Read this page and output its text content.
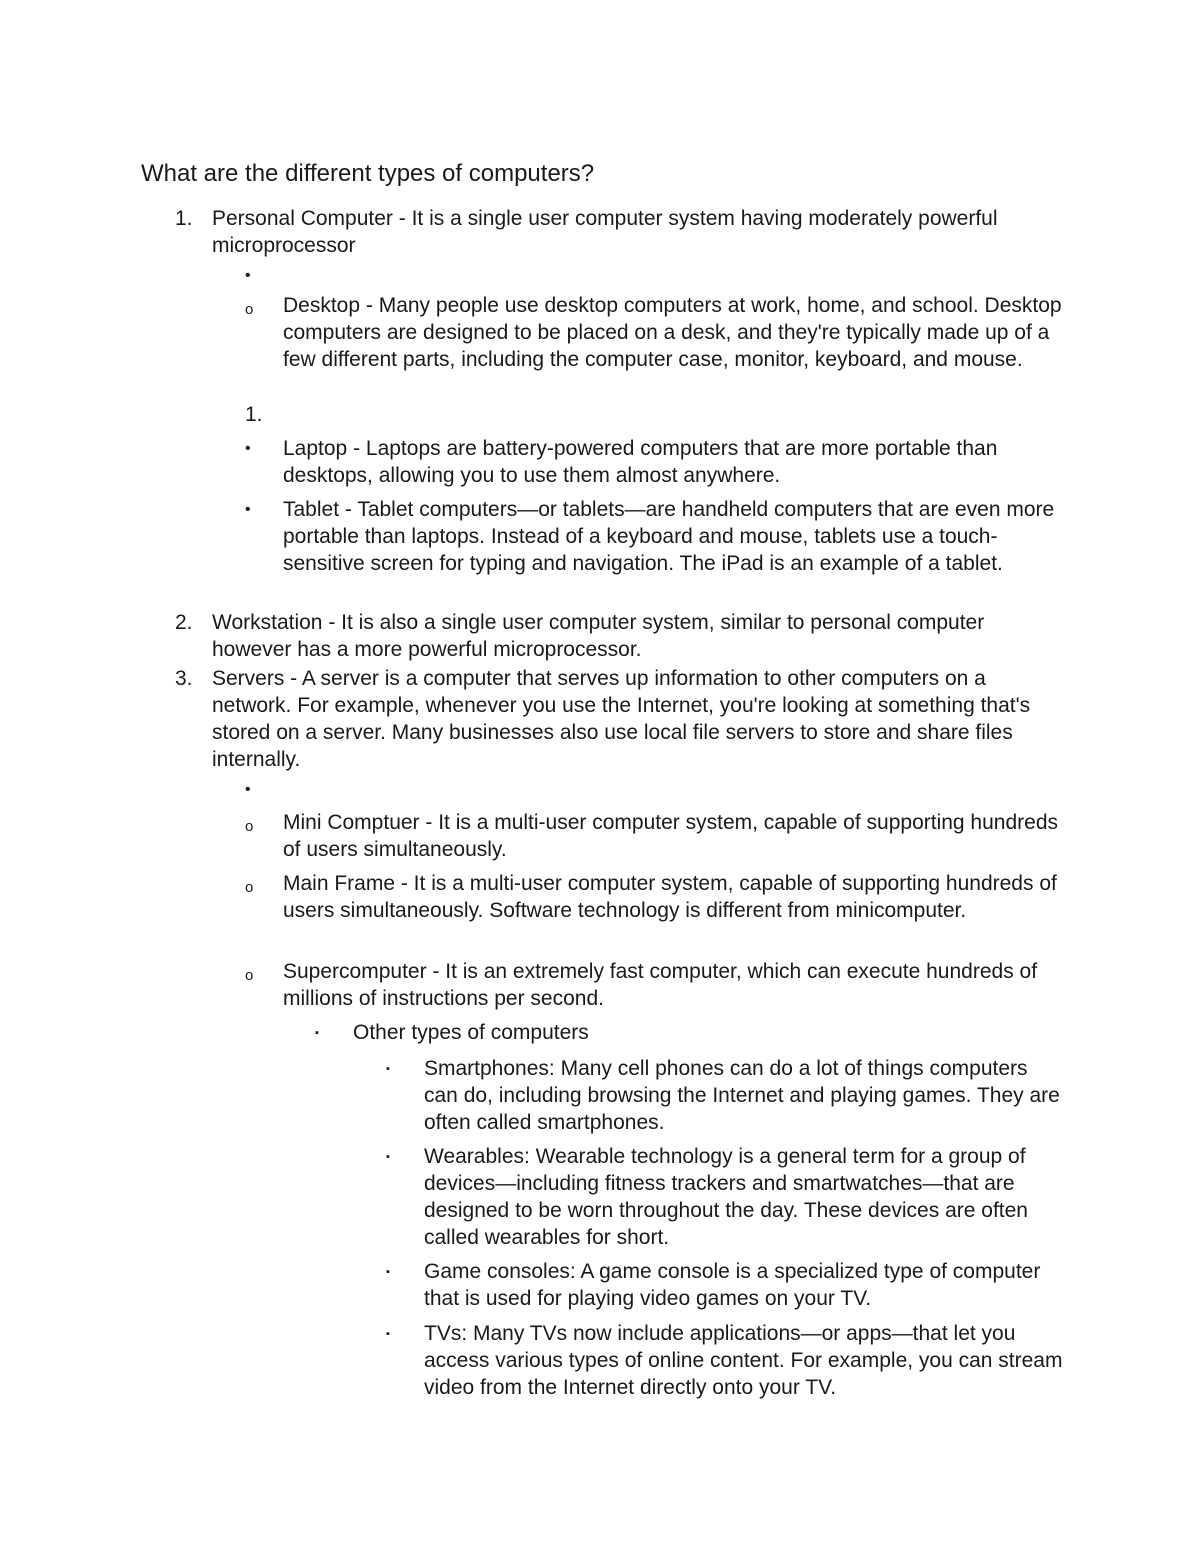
What are the different types of computers?
1. Personal Computer - It is a single user computer system having moderately powerful microprocessor
•
o Desktop - Many people use desktop computers at work, home, and school. Desktop computers are designed to be placed on a desk, and they're typically made up of a few different parts, including the computer case, monitor, keyboard, and mouse.
1.
• Laptop - Laptops are battery-powered computers that are more portable than desktops, allowing you to use them almost anywhere.
• Tablet - Tablet computers—or tablets—are handheld computers that are even more portable than laptops. Instead of a keyboard and mouse, tablets use a touch-sensitive screen for typing and navigation. The iPad is an example of a tablet.
2. Workstation - It is also a single user computer system, similar to personal computer however has a more powerful microprocessor.
3. Servers - A server is a computer that serves up information to other computers on a network. For example, whenever you use the Internet, you're looking at something that's stored on a server. Many businesses also use local file servers to store and share files internally.
•
o Mini Comptuer - It is a multi-user computer system, capable of supporting hundreds of users simultaneously.
o Main Frame - It is a multi-user computer system, capable of supporting hundreds of users simultaneously. Software technology is different from minicomputer.
o Supercomputer - It is an extremely fast computer, which can execute hundreds of millions of instructions per second.
▪ Other types of computers
▪ Smartphones: Many cell phones can do a lot of things computers can do, including browsing the Internet and playing games. They are often called smartphones.
▪ Wearables: Wearable technology is a general term for a group of devices—including fitness trackers and smartwatches—that are designed to be worn throughout the day. These devices are often called wearables for short.
▪ Game consoles: A game console is a specialized type of computer that is used for playing video games on your TV.
▪ TVs: Many TVs now include applications—or apps—that let you access various types of online content. For example, you can stream video from the Internet directly onto your TV.
